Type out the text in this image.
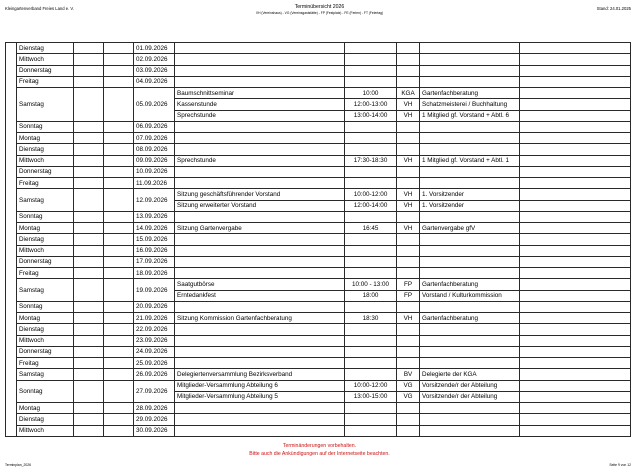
Kleingartenverband Freies Land e. V.	Terminübersicht 2026
VH (Vereinshaus) - VG (Vereinsgaststätte) - FP (Festplatz) - FE (Ferien) - FT (Feiertag)
Stand: 24.01.2025
	Dienstag			01.09.2026					
	Mittwoch			02.09.2026					
	Donnerstag			03.09.2026					
	Freitag			04.09.2026					
	Samstag			05.09.2026	Baumschnittseminar	10:00	KGA	Gartenfachberatung	
					Kassenstunde	12:00-13:00	VH	Schatzmeisterei / Buchhaltung	
					Sprechstunde	13:00-14:00	VH	1 Mitglied gf. Vorstand + Abtl. 6	
	Sonntag			06.09.2026					
	Montag			07.09.2026					
	Dienstag			08.09.2026					
	Mittwoch			09.09.2026	Sprechstunde	17:30-18:30	VH	1 Mitglied gf. Vorstand + Abtl. 1	
	Donnerstag			10.09.2026					
	Freitag			11.09.2026					
	Samstag			12.09.2026	Sitzung geschäftsführender Vorstand	10:00-12:00	VH	1. Vorsitzender	
					Sitzung erweiterter Vorstand	12:00-14:00	VH	1. Vorsitzender	
	Sonntag			13.09.2026					
	Montag			14.09.2026	Sitzung Gartenvergabe	16:45	VH	Gartenvergabe gfV	
	Dienstag			15.09.2026					
	Mittwoch			16.09.2026					
	Donnerstag			17.09.2026					
	Freitag			18.09.2026					
	Samstag			19.09.2026	Saatgutbörse	10:00 - 13:00	FP	Gartenfachberatung	
					Erntedankfest	18:00	FP	Vorstand / Kulturkommission	
	Sonntag			20.09.2026					
	Montag			21.09.2026	Sitzung Kommission Gartenfachberatung	18:30	VH	Gartenfachberatung	
	Dienstag			22.09.2026					
	Mittwoch			23.09.2026					
	Donnerstag			24.09.2026					
	Freitag			25.09.2026					
	Samstag			26.09.2026	Delegiertenversammlung Bezirksverband		BV	Delegierte der KGA	
	Sonntag			27.09.2026	Mitglieder-Versammlung Abteilung 6	10:00-12:00	VG	Vorsitzende/r der Abteilung	
					Mitglieder-Versammlung Abteilung 5	13:00-15:00	VG	Vorsitzende/r der Abteilung	
	Montag			28.09.2026					
	Dienstag			29.09.2026					
	Mittwoch			30.09.2026					
Terminänderungen vorbehalten.
Bitte auch die Ankündigungen auf der Internetseite beachten.
Terminplan_2026	Seite 9 von 12
